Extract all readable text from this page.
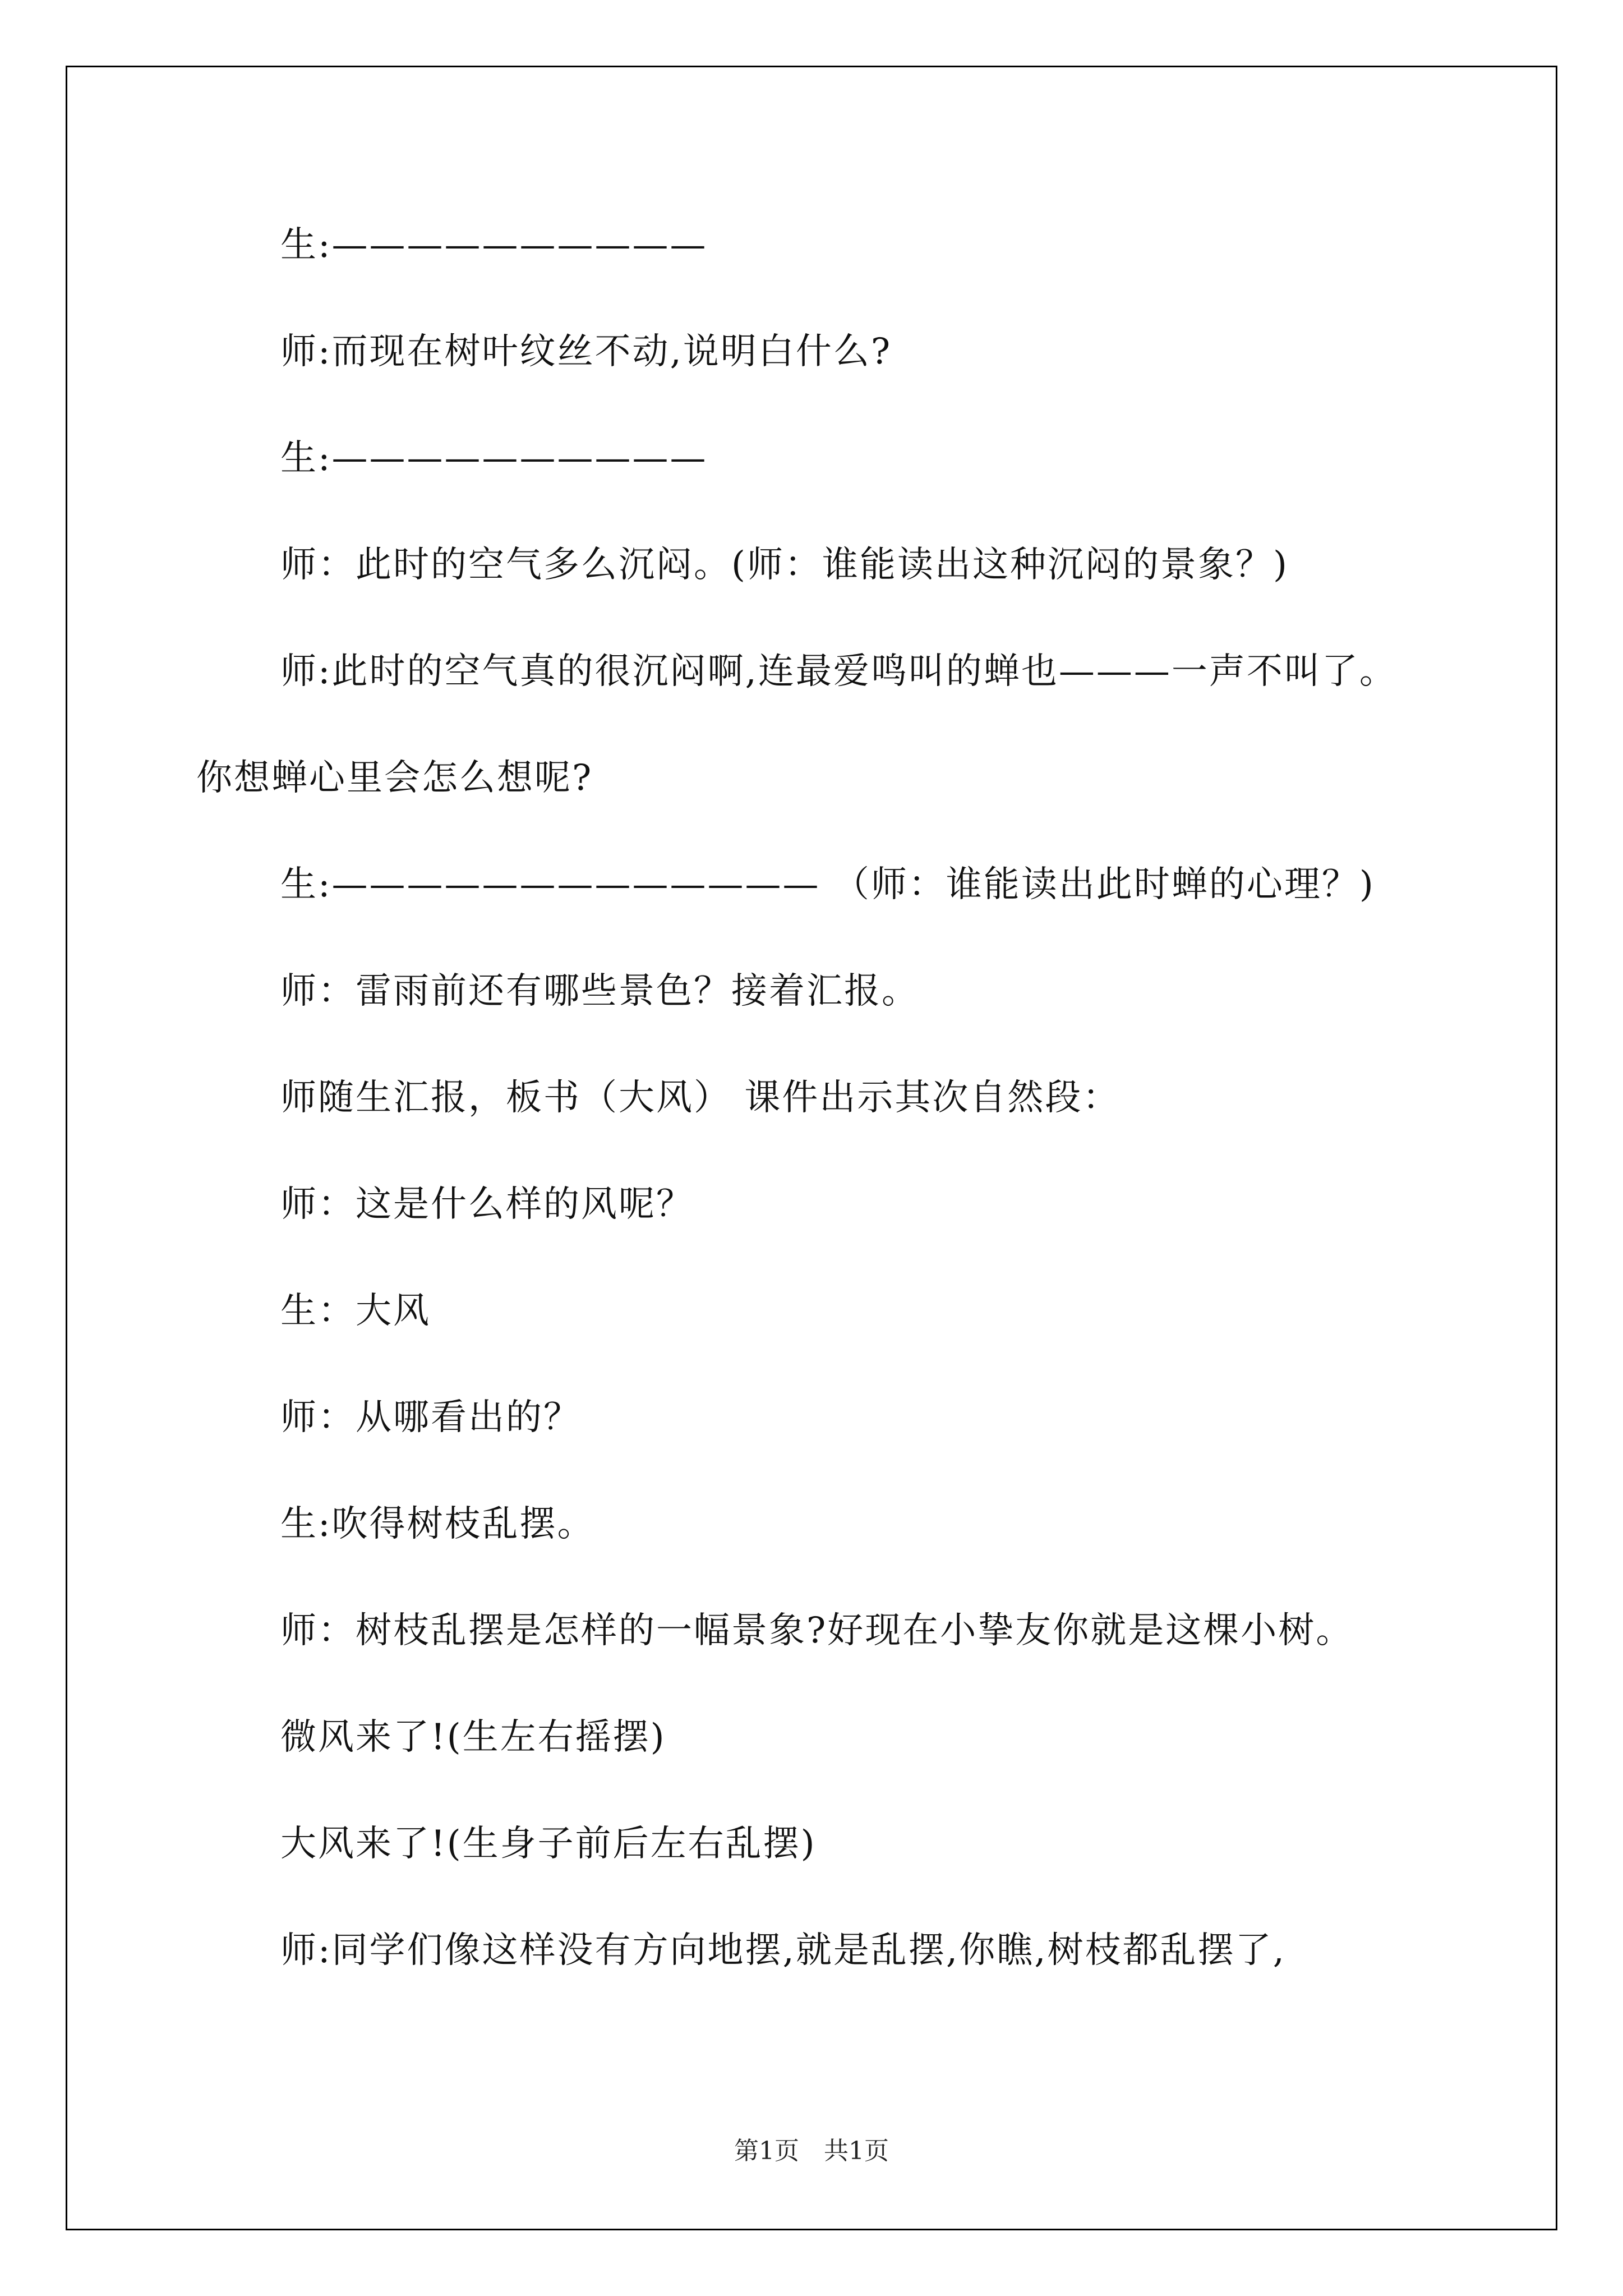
生:——————————
师:而现在树叶纹丝不动,说明白什么?
生:——————————
师：此时的空气多么沉闷。(师：谁能读出这种沉闷的景象？)
师:此时的空气真的很沉闷啊,连最爱鸣叫的蝉也———一声不叫了。
你想蝉心里会怎么想呢?
生:————————————— （师：谁能读出此时蝉的心理？)
师：雷雨前还有哪些景色？接着汇报。
师随生汇报，板书（大风） 课件出示其次自然段：
师：这是什么样的风呢？
生：大风
师：从哪看出的？
生:吹得树枝乱摆。
师：树枝乱摆是怎样的一幅景象?好现在小挚友你就是这棵小树。
微风来了!(生左右摇摆)
大风来了!(生身子前后左右乱摆)
师:同学们像这样没有方向地摆,就是乱摆,你瞧,树枝都乱摆了,
第1页　共1页
